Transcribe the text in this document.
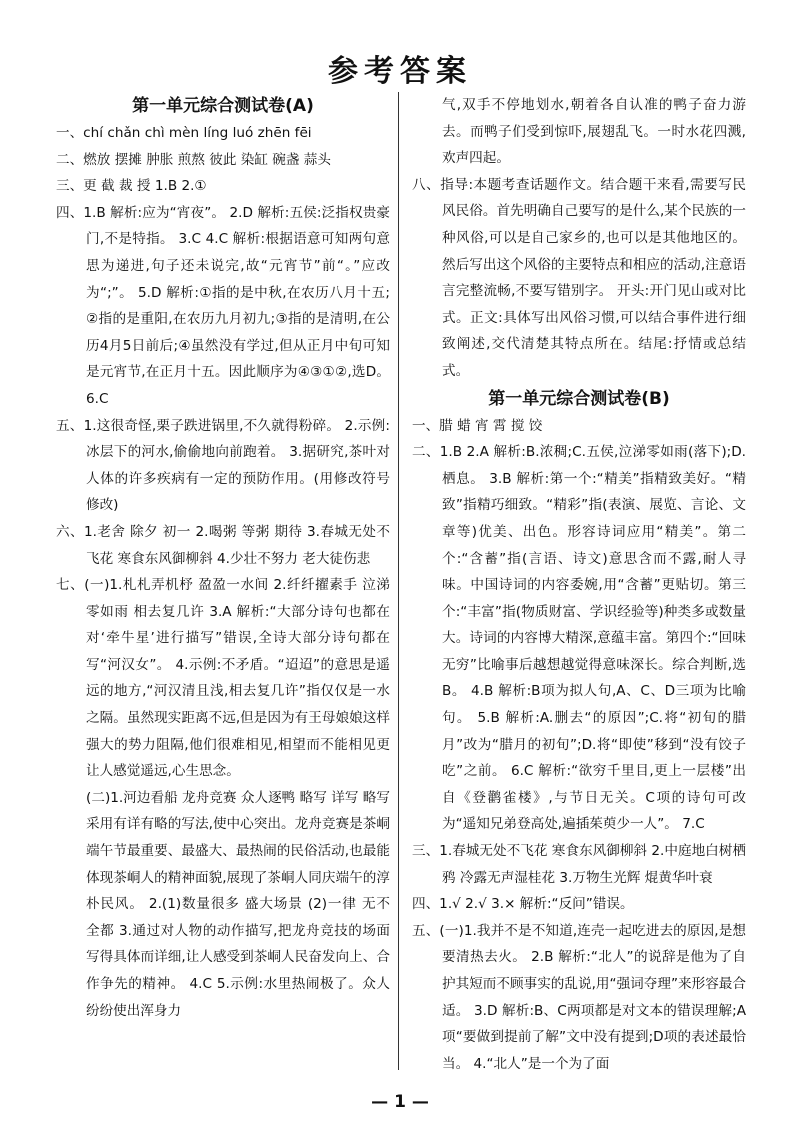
参考答案
第一单元综合测试卷(A)
一、chí chǎn chì mèn líng luó zhēn fēi
二、燃放 摆摊 肿胀 煎熬 彼此 染缸 碗盏 蒜头
三、更 截 裁 授 1.B 2.①
四、1.B 解析:应为“宵夜”。 2.D 解析:五侯:泛指权贵豪门,不是特指。 3.C 4.C 解析:根据语意可知两句意思为递进,句子还未说完,故“元宵节”前“。”应改为“;”。 5.D 解析:①指的是中秋,在农历八月十五;②指的是重阳,在农历九月初九;③指的是清明,在公历4月5日前后;④虽然没有学过,但从正月中旬可知是元宵节,在正月十五。因此顺序为④③①②,选D。 6.C
五、1.这很奇怪,栗子跌进锅里,不久就得粉碎。 2.示例:冰层下的河水,偷偷地向前跑着。 3.据研究,茶叶对人体的许多疾病有一定的预防作用。(用修改符号修改)
六、1.老舍 除夕 初一 2.喝粥 等粥 期待 3.春城无处不飞花 寒食东风御柳斜 4.少壮不努力 老大徒伤悲
七、(一)1.札札弄机杼 盈盈一水间 2.纤纤擢素手 泣涕零如雨 相去复几许 3.A 解析:“大部分诗句也都在对‘牵牛星’进行描写”错误,全诗大部分诗句都在写“河汉女”。 4.示例:不矛盾。“迢迢”的意思是遥远的地方,“河汉清且浅,相去复几许”指仅仅是一水之隔。虽然现实距离不远,但是因为有王母娘娘这样强大的势力阻隔,他们很难相见,相望而不能相见更让人感觉遥远,心生思念。
(二)1.河边看船 龙舟竞赛 众人逐鸭 略写 详写 略写 采用有详有略的写法,使中心突出。龙舟竞赛是茶峒端午节最重要、最盛大、最热闹的民俗活动,也最能体现茶峒人的精神面貌,展现了茶峒人同庆端午的淳朴民风。 2.(1)数量很多 盛大场景 (2)一律 无不 全都 3.通过对人物的动作描写,把龙舟竞技的场面写得具体而详细,让人感受到茶峒人民奋发向上、合作争先的精神。 4.C 5.示例:水里热闹极了。众人纷纷使出浑身力
气,双手不停地划水,朝着各自认准的鸭子奋力游去。而鸭子们受到惊吓,展翅乱飞。一时水花四溅,欢声四起。
八、指导:本题考查话题作文。结合题干来看,需要写民风民俗。首先明确自己要写的是什么,某个民族的一种风俗,可以是自己家乡的,也可以是其他地区的。然后写出这个风俗的主要特点和相应的活动,注意语言完整流畅,不要写错别字。 开头:开门见山或对比式。正文:具体写出风俗习惯,可以结合事件进行细致阐述,交代清楚其特点所在。结尾:抒情或总结式。
第一单元综合测试卷(B)
一、腊 蜡 宵 霄 搅 饺
二、1.B 2.A 解析:B.浓稠;C.五侯,泣涕零如雨(落下);D.栖息。 3.B 解析:第一个:“精美”指精致美好。“精致”指精巧细致。“精彩”指(表演、展览、言论、文章等)优美、出色。形容诗词应用“精美”。第二个:“含蓄”指(言语、诗文)意思含而不露,耐人寻味。中国诗词的内容委婉,用“含蓄”更贴切。第三个:“丰富”指(物质财富、学识经验等)种类多或数量大。诗词的内容博大精深,意蕴丰富。第四个:“回味无穷”比喻事后越想越觉得意味深长。综合判断,选B。 4.B 解析:B项为拟人句,A、C、D三项为比喻句。 5.B 解析:A.删去“的原因”;C.将“初旬的腊月”改为“腊月的初旬”;D.将“即使”移到“没有饺子吃”之前。 6.C 解析:“欲穷千里目,更上一层楼”出自《登鹳雀楼》,与节日无关。C项的诗句可改为“遥知兄弟登高处,遍插茱萸少一人”。 7.C
三、1.春城无处不飞花 寒食东风御柳斜 2.中庭地白树栖鸦 冷露无声湿桂花 3.万物生光辉 焜黄华叶衰
四、1.√ 2.√ 3.× 解析:“反问”错误。
五、(一)1.我并不是不知道,连壳一起吃进去的原因,是想要清热去火。 2.B 解析:“北人”的说辞是他为了自护其短而不顾事实的乱说,用“强词夺理”来形容最合适。 3.D 解析:B、C两项都是对文本的错误理解;A项“要做到提前了解”文中没有提到;D项的表述最恰当。 4.“北人”是一个为了面
— 1 —
